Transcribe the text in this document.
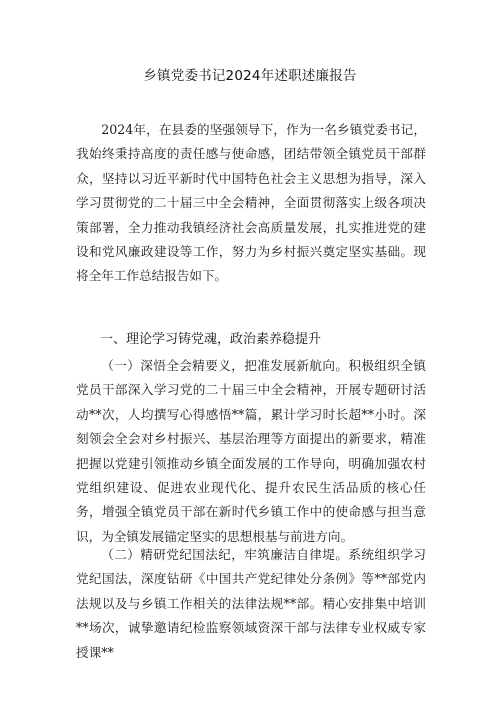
乡镇党委书记2024年述职述廉报告

2024年，在县委的坚强领导下，作为一名乡镇党委书记，我始终秉持高度的责任感与使命感，团结带领全镇党员干部群众，坚持以习近平新时代中国特色社会主义思想为指导，深入学习贯彻党的二十届三中全会精神，全面贯彻落实上级各项决策部署，全力推动我镇经济社会高质量发展，扎实推进党的建设和党风廉政建设等工作，努力为乡村振兴奠定坚实基础。现将全年工作总结报告如下。

一、理论学习铸党魂，政治素养稳提升

（一）深悟全会精要义，把准发展新航向。积极组织全镇党员干部深入学习党的二十届三中全会精神，开展专题研讨活动**次，人均撰写心得感悟**篇，累计学习时长超**小时。深刻领会全会对乡村振兴、基层治理等方面提出的新要求，精准把握以党建引领推动乡镇全面发展的工作导向，明确加强农村党组织建设、促进农业现代化、提升农民生活品质的核心任务，增强全镇党员干部在新时代乡镇工作中的使命感与担当意识，为全镇发展锚定坚实的思想根基与前进方向。

（二）精研党纪国法纪，牢筑廉洁自律堤。系统组织学习党纪国法，深度钻研《中国共产党纪律处分条例》等**部党内法规以及与乡镇工作相关的法律法规**部。精心安排集中培训**场次，诚挚邀请纪检监察领域资深干部与法律专业权威专家授课**
